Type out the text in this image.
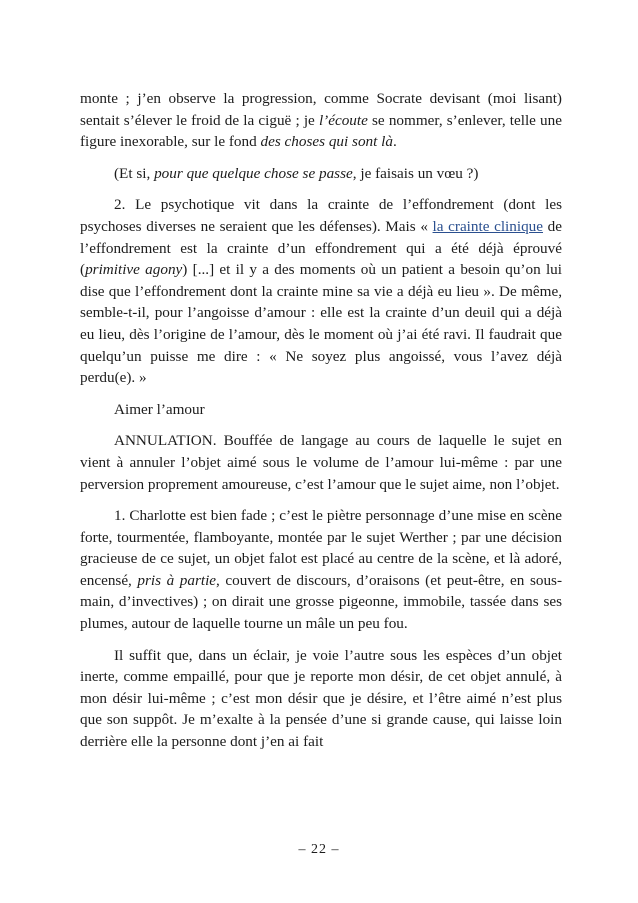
monte ; j’en observe la progression, comme Socrate devisant (moi lisant) sentait s’élever le froid de la ciguë ; je l’écoute se nommer, s’enlever, telle une figure inexorable, sur le fond des choses qui sont là.

(Et si, pour que quelque chose se passe, je faisais un vœu ?)

2. Le psychotique vit dans la crainte de l’effondrement (dont les psychoses diverses ne seraient que les défenses). Mais « la crainte clinique de l’effondrement est la crainte d’un effondrement qui a été déjà éprouvé (primitive agony) [...] et il y a des moments où un patient a besoin qu’on lui dise que l’effondrement dont la crainte mine sa vie a déjà eu lieu ». De même, semble-t-il, pour l’angoisse d’amour : elle est la crainte d’un deuil qui a déjà eu lieu, dès l’origine de l’amour, dès le moment où j’ai été ravi. Il faudrait que quelqu’un puisse me dire : « Ne soyez plus angoissé, vous l’avez déjà perdu(e). »

Aimer l’amour

ANNULATION. Bouffée de langage au cours de laquelle le sujet en vient à annuler l’objet aimé sous le volume de l’amour lui-même : par une perversion proprement amoureuse, c’est l’amour que le sujet aime, non l’objet.

1. Charlotte est bien fade ; c’est le piètre personnage d’une mise en scène forte, tourmentée, flamboyante, montée par le sujet Werther ; par une décision gracieuse de ce sujet, un objet falot est placé au centre de la scène, et là adoré, encensé, pris à partie, couvert de discours, d’oraisons (et peut-être, en sous-main, d’invectives) ; on dirait une grosse pigeonne, immobile, tassée dans ses plumes, autour de laquelle tourne un mâle un peu fou.

Il suffit que, dans un éclair, je voie l’autre sous les espèces d’un objet inerte, comme empaillé, pour que je reporte mon désir, de cet objet annulé, à mon désir lui-même ; c’est mon désir que je désire, et l’être aimé n’est plus que son suppôt. Je m’exalte à la pensée d’une si grande cause, qui laisse loin derrière elle la personne dont j’en ai fait

– 22 –
